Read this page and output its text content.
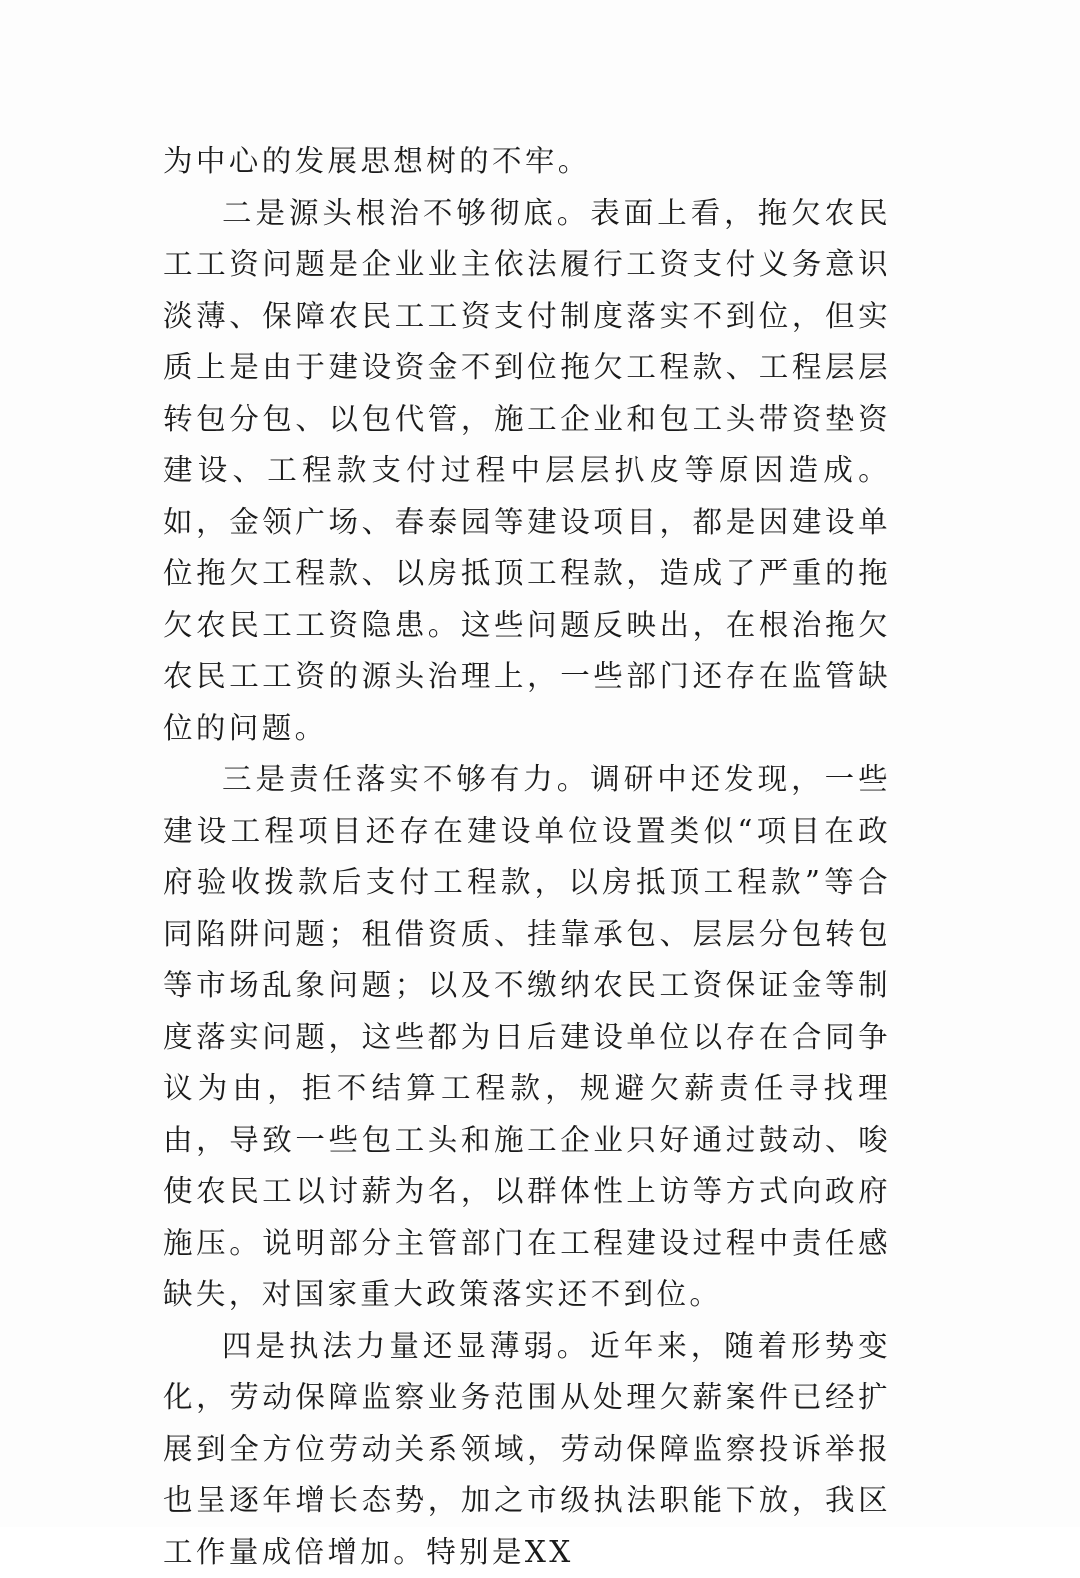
为中心的发展思想树的不牢。

二是源头根治不够彻底。表面上看，拖欠农民工工资问题是企业业主依法履行工资支付义务意识淡薄、保障农民工工资支付制度落实不到位，但实质上是由于建设资金不到位拖欠工程款、工程层层转包分包、以包代管，施工企业和包工头带资垫资建设、工程款支付过程中层层扒皮等原因造成。如，金领广场、春泰园等建设项目，都是因建设单位拖欠工程款、以房抵顶工程款，造成了严重的拖欠农民工工资隐患。这些问题反映出，在根治拖欠农民工工资的源头治理上，一些部门还存在监管缺位的问题。

三是责任落实不够有力。调研中还发现，一些建设工程项目还存在建设单位设置类似“项目在政府验收拨款后支付工程款，以房抵顶工程款”等合同陷阱问题；租借资质、挂靠承包、层层分包转包等市场乱象问题；以及不缴纳农民工资保证金等制度落实问题，这些都为日后建设单位以存在合同争议为由，拒不结算工程款，规避欠薪责任寻找理由，导致一些包工头和施工企业只好通过鼓动、唆使农民工以讨薪为名，以群体性上访等方式向政府施压。说明部分主管部门在工程建设过程中责任感缺失，对国家重大政策落实还不到位。

四是执法力量还显薄弱。近年来，随着形势变化，劳动保障监察业务范围从处理欠薪案件已经扩展到全方位劳动关系领域，劳动保障监察投诉举报也呈逐年增长态势，加之市级执法职能下放，我区工作量成倍增加。特别是XX
